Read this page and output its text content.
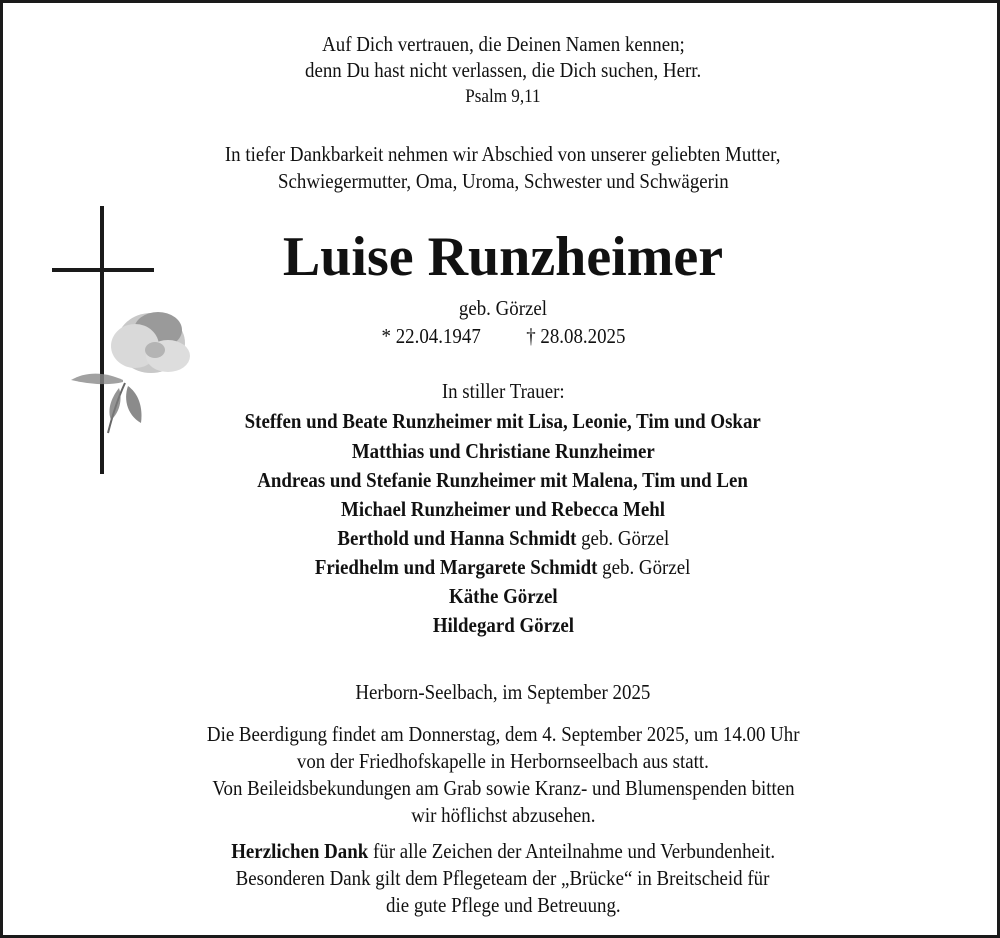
Auf Dich vertrauen, die Deinen Namen kennen;
denn Du hast nicht verlassen, die Dich suchen, Herr.
Psalm 9,11
In tiefer Dankbarkeit nehmen wir Abschied von unserer geliebten Mutter,
Schwiegermutter, Oma, Uroma, Schwester und Schwägerin
Luise Runzheimer
geb. Görzel
* 22.04.1947 † 28.08.2025
In stiller Trauer:
Steffen und Beate Runzheimer mit Lisa, Leonie, Tim und Oskar
Matthias und Christiane Runzheimer
Andreas und Stefanie Runzheimer mit Malena, Tim und Len
Michael Runzheimer und Rebecca Mehl
Berthold und Hanna Schmidt geb. Görzel
Friedhelm und Margarete Schmidt geb. Görzel
Käthe Görzel
Hildegard Görzel
Herborn-Seelbach, im September 2025
Die Beerdigung findet am Donnerstag, dem 4. September 2025, um 14.00 Uhr
von der Friedhofskapelle in Herbornseelbach aus statt.
Von Beileidsbekundungen am Grab sowie Kranz- und Blumenspenden bitten
wir höflichst abzusehen.
Herzlichen Dank für alle Zeichen der Anteilnahme und Verbundenheit.
Besonderen Dank gilt dem Pflegeteam der „Brücke“ in Breitscheid für
die gute Pflege und Betreuung.
